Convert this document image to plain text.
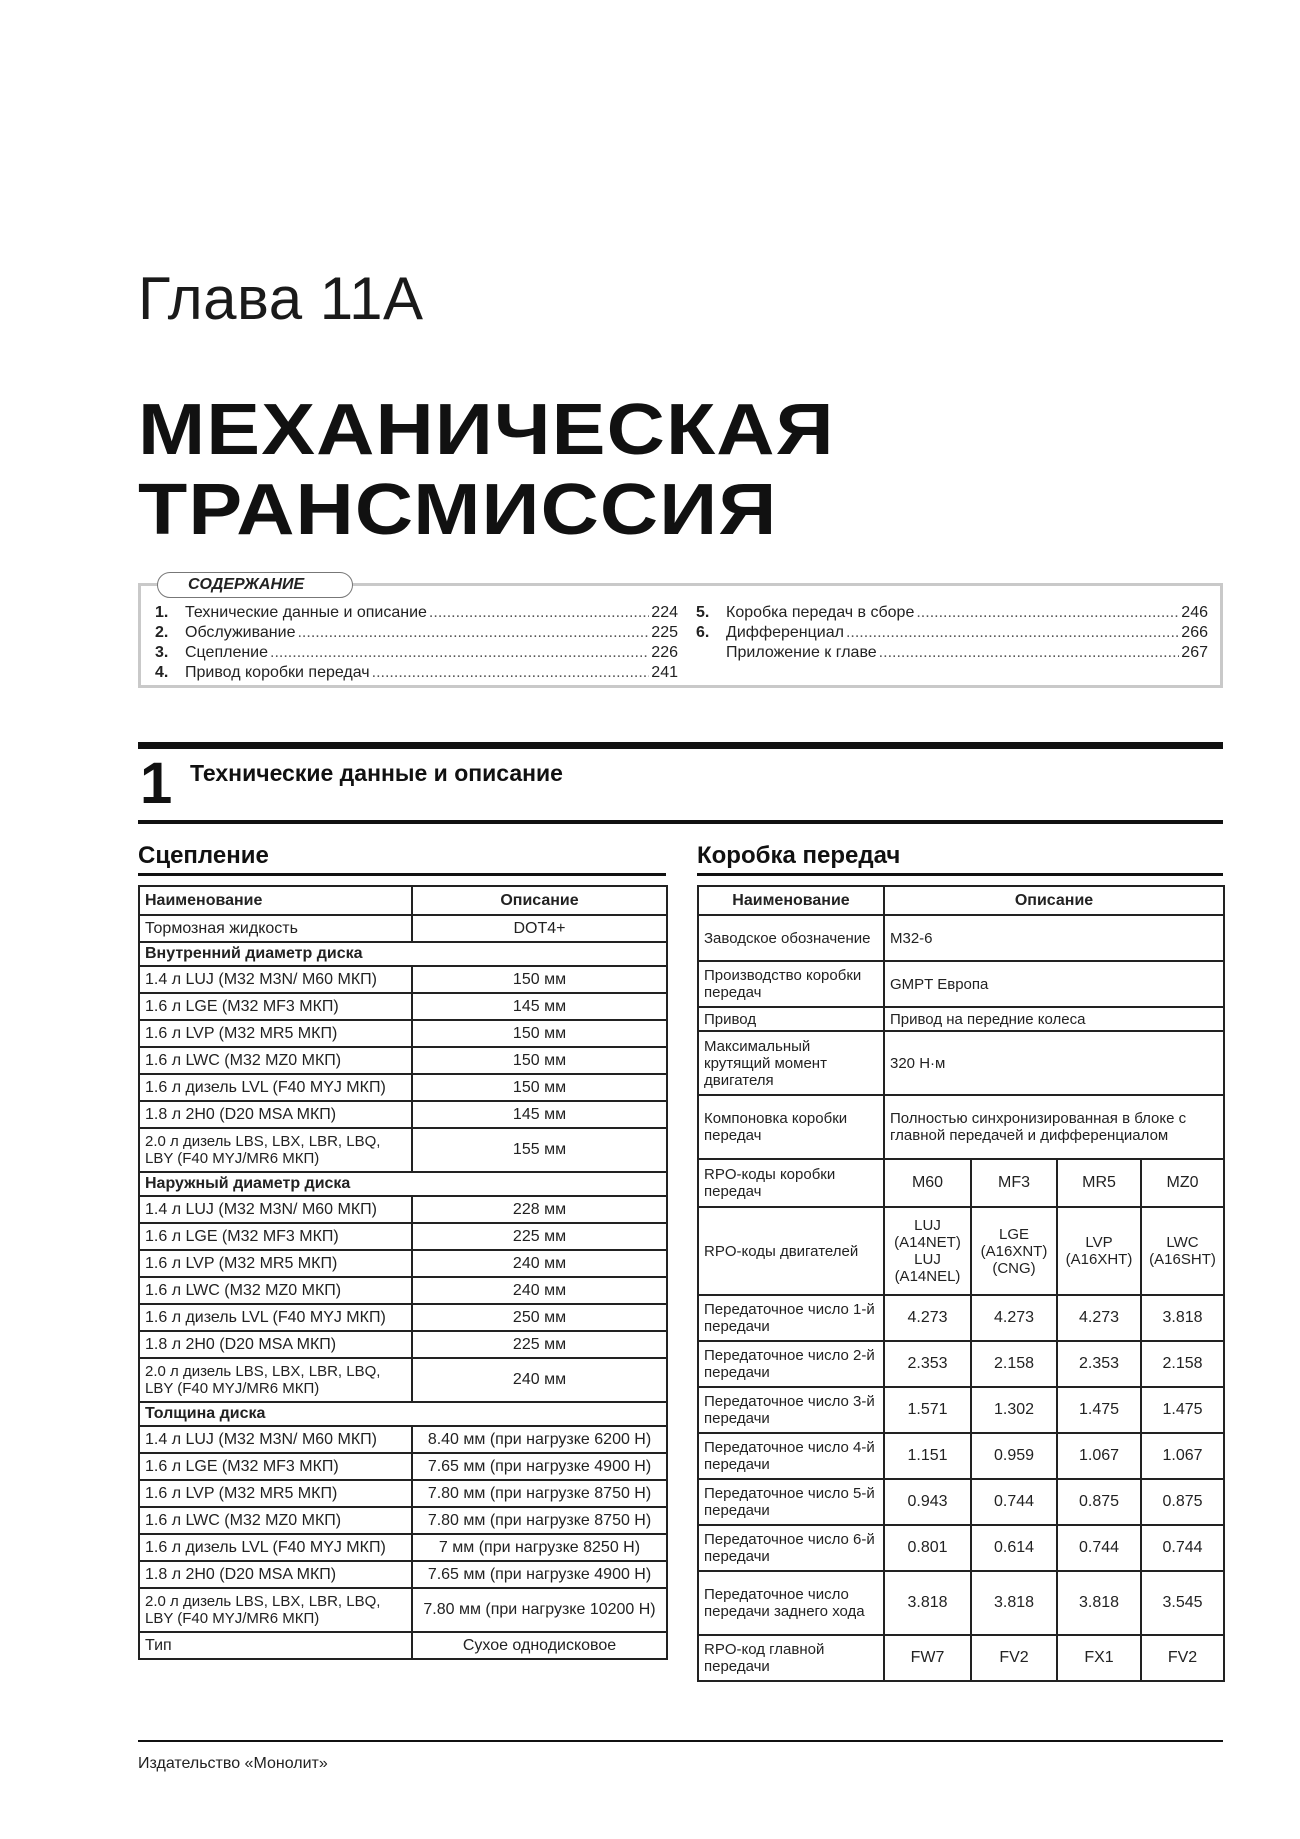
Глава 11А
МЕХАНИЧЕСКАЯ
ТРАНСМИССИЯ
СОДЕРЖАНИЕ
1.	Технические данные и описание .....	224
2.	Обслуживание .....	225
3.	Сцепление .....	226
4.	Привод коробки передач .....	241
5.	Коробка передач в сборе .....	246
6.	Дифференциал .....	266
Приложение к главе .....	267
1 Технические данные и описание
Сцепление	Коробка передач
Наименование	Описание
Тормозная жидкость	DOT4+
Внутренний диаметр диска	
1.4 л LUJ (M32 M3N/ M60 МКП)	150 мм
1.6 л LGE (M32 MF3 МКП)	145 мм
1.6 л LVP (M32 MR5 МКП)	150 мм
1.6 л LWC (M32 MZ0 МКП)	150 мм
1.6 л дизель LVL (F40 MYJ МКП)	150 мм
1.8 л 2H0 (D20 MSA МКП)	145 мм
2.0 л дизель LBS, LBX, LBR, LBQ, LBY (F40 MYJ/MR6 МКП)	155 мм
Наружный диаметр диска	
1.4 л LUJ (M32 M3N/ M60 МКП)	228 мм
1.6 л LGE (M32 MF3 МКП)	225 мм
1.6 л LVP (M32 MR5 МКП)	240 мм
1.6 л LWC (M32 MZ0 МКП)	240 мм
1.6 л дизель LVL (F40 MYJ МКП)	250 мм
1.8 л 2H0 (D20 MSA МКП)	225 мм
2.0 л дизель LBS, LBX, LBR, LBQ, LBY (F40 MYJ/MR6 МКП)	240 мм
Толщина диска	
1.4 л LUJ (M32 M3N/ M60 МКП)	8.40 мм (при нагрузке 6200 Н)
1.6 л LGE (M32 MF3 МКП)	7.65 мм (при нагрузке 4900 Н)
1.6 л LVP (M32 MR5 МКП)	7.80 мм (при нагрузке 8750 Н)
1.6 л LWC (M32 MZ0 МКП)	7.80 мм (при нагрузке 8750 Н)
1.6 л дизель LVL (F40 MYJ МКП)	7 мм (при нагрузке 8250 Н)
1.8 л 2H0 (D20 MSA МКП)	7.65 мм (при нагрузке 4900 Н)
2.0 л дизель LBS, LBX, LBR, LBQ, LBY (F40 MYJ/MR6 МКП)	7.80 мм (при нагрузке 10200 Н)
Тип	Сухое однодисковое
Наименование	Описание			
Заводское обозначение	M32-6			
Производство коробки передач	GMPT Европа			
Привод	Привод на передние колеса			
Максимальный крутящий момент двигателя	320 Н·м			
Компоновка коробки передач	Полностью синхронизированная в блоке с главной передачей и дифференциалом			
RPO-коды коробки передач	M60	MF3	MR5	MZ0
RPO-коды двигателей	LUJ (A14NET) LUJ (A14NEL)	LGE (A16XNT) (CNG)	LVP (A16XHT)	LWC (A16SHT)
Передаточное число 1-й передачи	4.273	4.273	4.273	3.818
Передаточное число 2-й передачи	2.353	2.158	2.353	2.158
Передаточное число 3-й передачи	1.571	1.302	1.475	1.475
Передаточное число 4-й передачи	1.151	0.959	1.067	1.067
Передаточное число 5-й передачи	0.943	0.744	0.875	0.875
Передаточное число 6-й передачи	0.801	0.614	0.744	0.744
Передаточное число передачи заднего хода	3.818	3.818	3.818	3.545
RPO-код главной передачи	FW7	FV2	FX1	FV2
Издательство «Монолит»
